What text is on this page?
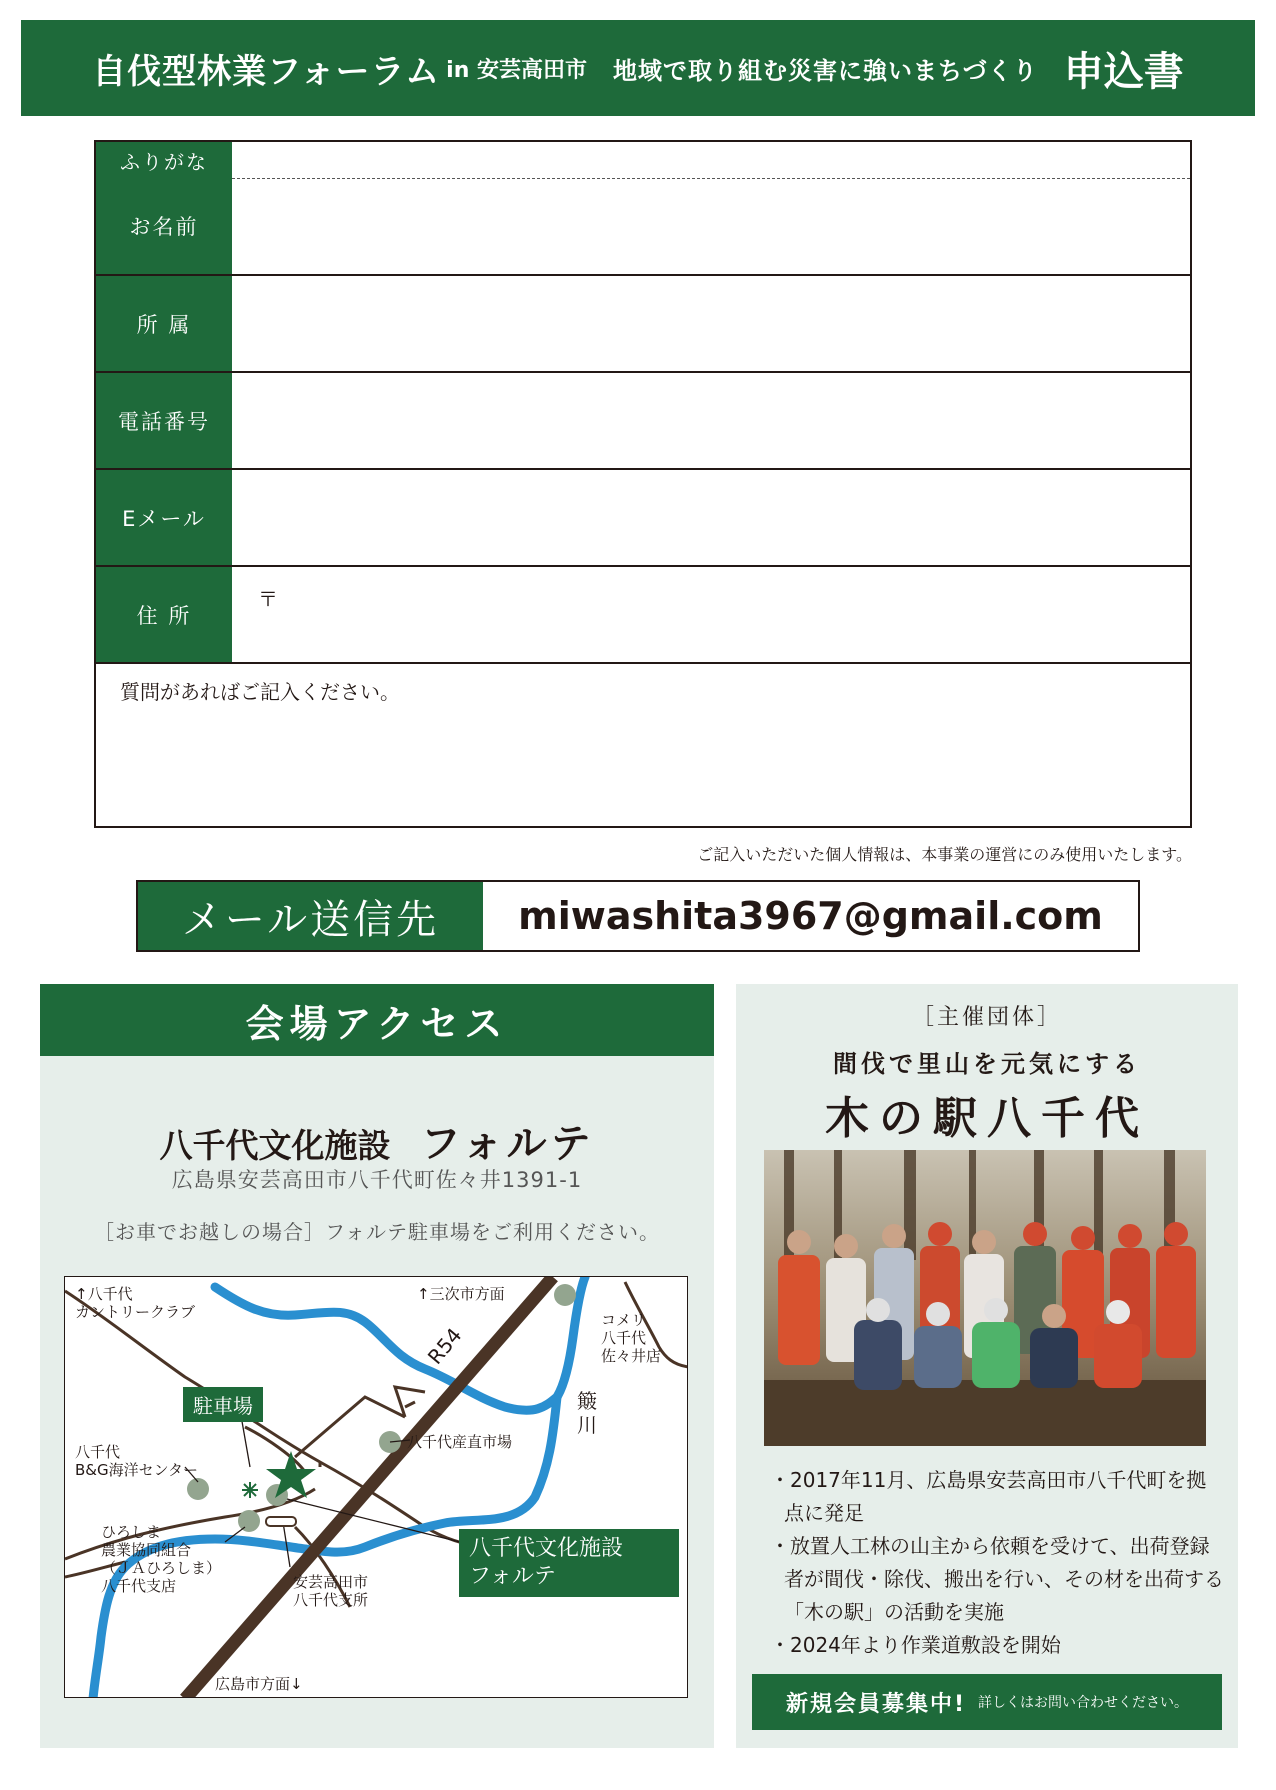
自伐型林業フォーラム in 安芸高田市 地域で取り組む災害に強いまちづくり 申込書
ふりがな
お名前
所 属
電話番号
Eメール
住 所
〒
質問があればご記入ください。
ご記入いただいた個人情報は、本事業の運営にのみ使用いたします。
メール送信先	miwashita3967@gmail.com
会場アクセス
八千代文化施設 フォルテ
広島県安芸高田市八千代町佐々井1391-1
［お車でお越しの場合］フォルテ駐車場をご利用ください。
↑八千代
カントリークラブ
↑三次市方面
コメリ
八千代
佐々井店
R54
簸
川
駐車場
八千代産直市場
八千代
B&G海洋センター
ひろしま
農業協同組合
（ＪＡひろしま）
八千代支店	安芸高田市
八千代支所
八千代文化施設
フォルテ
広島市方面↓
［主催団体］
間伐で里山を元気にする
木の駅八千代
・2017年11月、広島県安芸高田市八千代町を拠点に発足
・放置人工林の山主から依頼を受けて、出荷登録者が間伐・除伐、搬出を行い、その材を出荷する「木の駅」の活動を実施
・2024年より作業道敷設を開始
新規会員募集中! 詳しくはお問い合わせください。
